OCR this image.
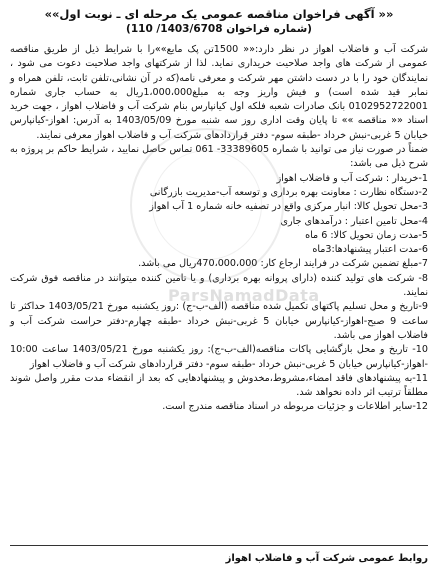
ParsNamadData
«« آگهی فراخوان مناقصه عمومی یک مرحله ای ـ نوبت اول»»
(شماره فراخوان 1403/6708/ 110)

شرکت آب و فاضلاب اهواز در نظر دارد:«« 1500تن پک مایع»»را با شرایط ذیل از طریق مناقصه عمومی از شرکت های واجد صلاحیت خریداری نماید. لذا از شرکتهای واجد صلاحیت دعوت می شود ، نمایندگان خود را با در دست داشتن مهر شرکت و معرفی نامه(که در آن نشانی،تلفن ثابت، تلفن همراه و نمابر قید شده است) و فیش واریز وجه به مبلغ1،000،000ریال به حساب جاری شماره 0102952722001 بانک صادرات شعبه فلکه اول کیانپارس بنام شرکت آب و فاضلاب اهواز ، جهت خرید اسناد «« مناقصه »» تا پایان وقت اداری روز سه شنبه مورخ 1403/05/09 به آدرس: اهواز-کیانپارس خیابان 5 غربی-نبش خرداد -طبقه سوم- دفتر قراردادهای شرکت آب و فاضلاب اهواز معرفی نمایند.

ضمناً در صورت نیاز می توانید با شماره 33389605- 061 تماس حاصل نمایید ، شرایط حاکم بر پروژه به شرح ذیل می باشد:

1-خریدار : شرکت آب و فاضلاب اهواز

2-دستگاه نظارت : معاونت بهره برداری و توسعه آب-مدیریت بازرگانی

3-محل تحویل کالا: انبار مرکزی واقع در تصفیه خانه شماره 1 آب اهواز

4-محل تامین اعتبار : درآمدهای جاری

5-مدت زمان تحویل کالا: 6 ماه

6-مدت اعتبار پیشنهادها:3ماه

7-مبلغ تضمین شرکت در فرایند ارجاع کار: 470،000،000ریال می باشد.

8- شرکت های تولید کننده (دارای پروانه بهره برداری) و یا تامین کننده میتوانند در مناقصه فوق شرکت نمایند.

9-تاریخ و محل تسلیم پاکتهای تکمیل شده مناقصه (الف-ب-ج) :روز یکشنبه مورخ 1403/05/21 حداکثر تا ساعت 9 صبح-اهواز-کیانپارس خیابان 5 غربی-نبش خرداد -طبقه چهارم-دفتر حراست شرکت آب و فاضلاب اهواز می باشد.

10- تاریخ و محل بازگشایی پاکات مناقصه(الف-ب-ج): روز یکشنبه مورخ 1403/05/21 ساعت 10:00 -اهواز-کیانپارس خیابان 5 غربی-نبش خرداد -طبقه سوم- دفتر قراردادهای شرکت آب و فاضلاب اهواز

11-به پیشنهادهای فاقد امضاء،مشروط،مخدوش و پیشنهادهایی که بعد از انقضاء مدت مقرر واصل شوند مطلقاً ترتیب اثر داده نخواهد شد.

12-سایر اطلاعات و جزئیات مربوطه در اسناد مناقصه مندرج است.

روابط عمومی شرکت آب و فاضلاب اهواز
